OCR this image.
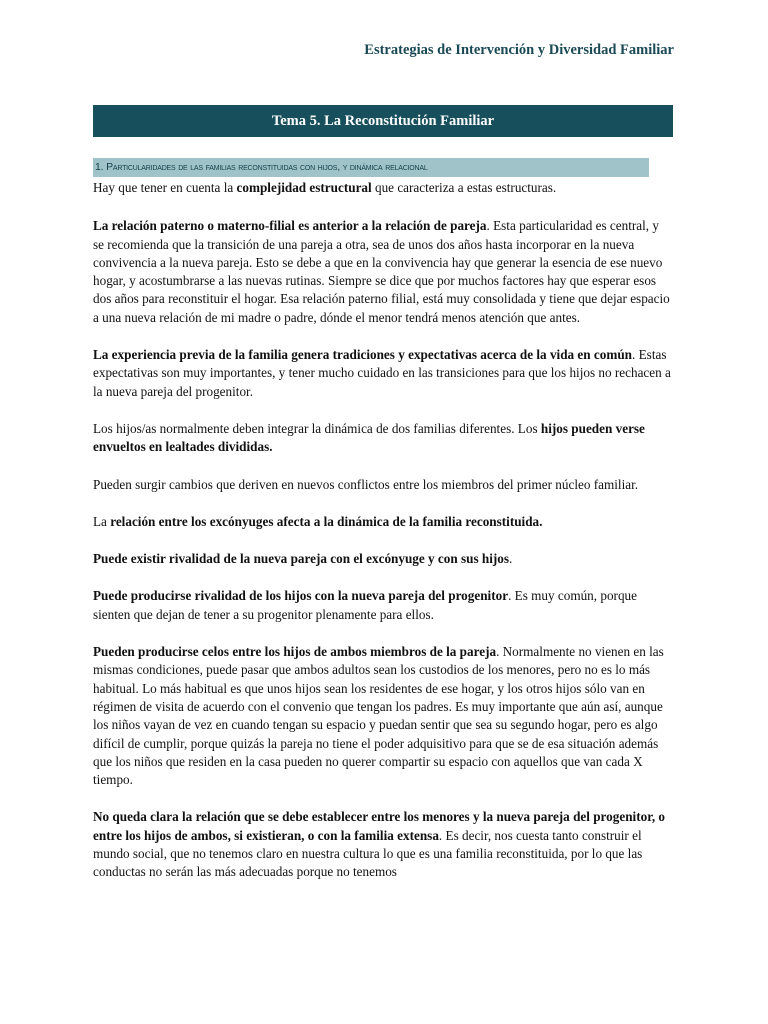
Estrategias de Intervención y Diversidad Familiar
Tema 5. La Reconstitución Familiar
1. Particularidades de las familias reconstituidas con hijos, y dinámica relacional

Hay que tener en cuenta la complejidad estructural que caracteriza a estas estructuras.

La relación paterno o materno-filial es anterior a la relación de pareja. Esta particularidad es central, y se recomienda que la transición de una pareja a otra, sea de unos dos años hasta incorporar en la nueva convivencia a la nueva pareja. Esto se debe a que en la convivencia hay que generar la esencia de ese nuevo hogar, y acostumbrarse a las nuevas rutinas. Siempre se dice que por muchos factores hay que esperar esos dos años para reconstituir el hogar. Esa relación paterno filial, está muy consolidada y tiene que dejar espacio a una nueva relación de mi madre o padre, dónde el menor tendrá menos atención que antes.

La experiencia previa de la familia genera tradiciones y expectativas acerca de la vida en común. Estas expectativas son muy importantes, y tener mucho cuidado en las transiciones para que los hijos no rechacen a la nueva pareja del progenitor.

Los hijos/as normalmente deben integrar la dinámica de dos familias diferentes. Los hijos pueden verse envueltos en lealtades divididas.

Pueden surgir cambios que deriven en nuevos conflictos entre los miembros del primer núcleo familiar.

La relación entre los excónyuges afecta a la dinámica de la familia reconstituida.

Puede existir rivalidad de la nueva pareja con el excónyuge y con sus hijos.

Puede producirse rivalidad de los hijos con la nueva pareja del progenitor. Es muy común, porque sienten que dejan de tener a su progenitor plenamente para ellos.

Pueden producirse celos entre los hijos de ambos miembros de la pareja. Normalmente no vienen en las mismas condiciones, puede pasar que ambos adultos sean los custodios de los menores, pero no es lo más habitual. Lo más habitual es que unos hijos sean los residentes de ese hogar, y los otros hijos sólo van en régimen de visita de acuerdo con el convenio que tengan los padres. Es muy importante que aún así, aunque los niños vayan de vez en cuando tengan su espacio y puedan sentir que sea su segundo hogar, pero es algo difícil de cumplir, porque quizás la pareja no tiene el poder adquisitivo para que se de esa situación además que los niños que residen en la casa pueden no querer compartir su espacio con aquellos que van cada X tiempo.

No queda clara la relación que se debe establecer entre los menores y la nueva pareja del progenitor, o entre los hijos de ambos, si existieran, o con la familia extensa. Es decir, nos cuesta tanto construir el mundo social, que no tenemos claro en nuestra cultura lo que es una familia reconstituida, por lo que las conductas no serán las más adecuadas porque no tenemos
